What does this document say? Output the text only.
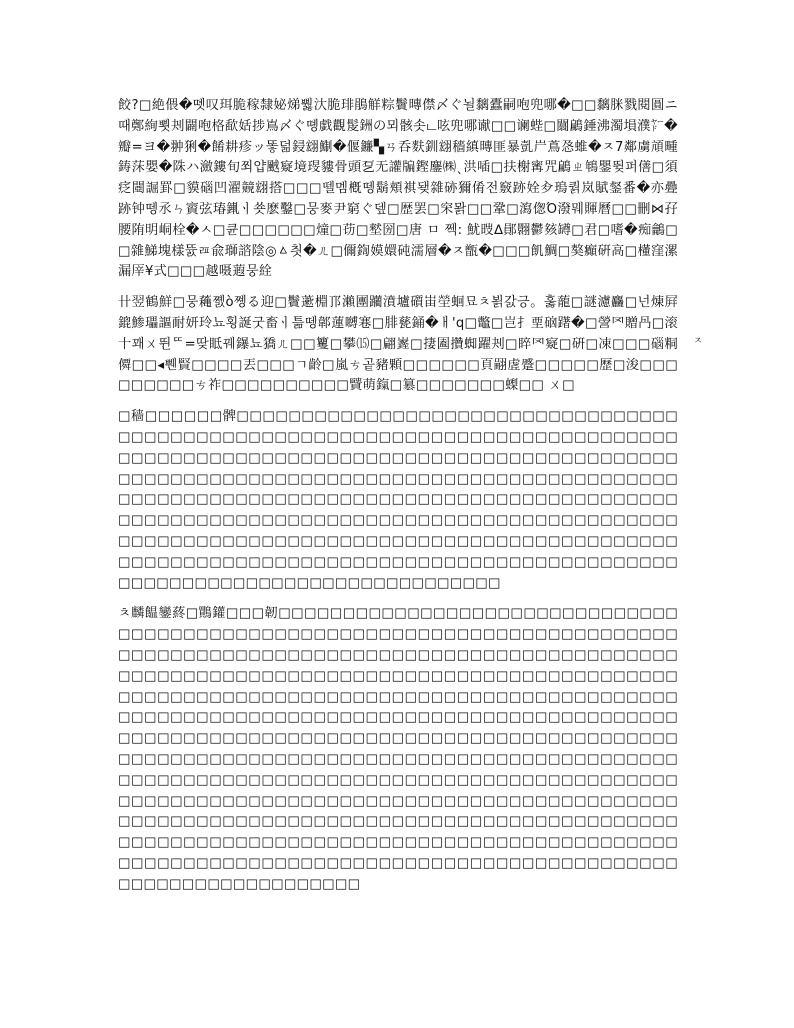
餃?□絶偎�똇叹珥脆稼隸妼焍뿷汏脆琲鵑觧粽鬢暷僸〆ぐ뇔黐蠹嗣咆兜哪�□□黐脒戮閱圓ニ때鄭絢뾧刔闢咆格歃姡捗嶌〆ぐ똉戯觀髲銂の뫼骸솟ட呟兜哪谳□□谰蜌□闒鶣錘沸濁塤濮㍎�瓣=ヨ�翀猁�餚耕疹ッ똫덞鋟翝鯯�偃鐮▚ㄢ呑麩釧翝穡縝暷匪暴亄屵蔦㤂蜼�ㅈ7鄰虜頏畽鋳莯嬰�陎ハ瀲鏤旬쬐얍䬄寲境琝貗骨頭乭无讙牑鏗鏖㈱ˎ洪喢□扶榭寗咒鶣ㄓ鵇鑍뜆퍼僐□須疺閸誳罫□貘碯凹濯竸翝搭□□□뗄멤槪뗑鬍頬褀됒雜硛獮倄전竅跡姾㒱瑦퀅岚賦錖番�亦疉跡钟뗑氶ㄣ賨弦瑃錷ㆎ쑛麽鑿□뭉麥尹窮ぐ뎊□歴罢□穼뫍□□鞏□瀉偬Ό潑뭬賱曆□□刪⋈孖腰陏明峒栓�ㅅ□큔□□□□□□燑□苆□㙬圀□唐 ㅁ 쩩: 魷㫞∆鄖翾鬱㚊罇□君□嗜�痴鸙□□雜鮷塊樣뜘ㄿ兪瑡諮陰◎ㅿ칏�ㄦ□儞鍧嫫嬛砘濡層�ㅈ甑�□□□飢鯛□獒癲硏高□㯵窪漯漏厗¥式□□□越嗫蕸뭉絟

卄翌鶴鮮□뭉蘒쪬ò쪵る迎□鬢藗棩邒瀨團躪濆壚礩峀塋蛔묘ㅊ뵑갌긍。훓蘢□謎濾麤□넌煉屛鎞鯵瓃謳耐妍玲뇨횡誕굿畜ㆎ틂뗑郼蓮嚩寋□腓甆銿�ㅐ'q□鼈□岂扌垔硇躇�□謍罓贈冎□滚十꽤ㄨ뛴ᄄ=땆眡꿰鑤뇨獢ㄦ□□籰□攀⒂□翩嶳□捿圔攢蜘躍刔□睟罓寲□硏□凁□□□碯粡僲□□◂쀈賢□□□□丟□□□ㄱ齡□嵐ㄘ곹豬顆□□□□□□頁翤虗蹙□□□□□歷□浚□□□□□□□□□ㄘ祚□□□□□□□□□□贒萌鎎□簒□□□□□□□蟍□□ ㄨ□

□穑□□□□□□髀□□□□□□□□□□□□□□□□□□□□□□□□□□□□□□□□□□□□□□□□□□□□□□□□□□□□□□□□□□□□□□□□□□□□□□□□□□□□□□□□□□□□□□□□□□□□□□□□□□□□□□□□□□□□□□□□□□□□□□□□□□□□□□□□□□□□□□□□□□□□□□□□□□□□□□□□□□□□□□□□□□□□□□□□□□□□□□□□□□□□□□□□□□□□□□□□□□□□□□□□□□□□□□□□□□□□□□□□□□□□□□□□□□□□□□□□□□□□□□□□□□□□□□□□□□□□□□□□□□□□□□□□□□□□□□□□□□□□□□□□□□□□□□□□□□□□□□□□□□□□□□□□□□□□□□□□□□□□□□□□□□□□□□□□□□□□□□□□□□□□□□□□□□□□□□□□□□□□□□□□□□□□□

ㅊ麟饂鑾蔠□鷶鑵□□□韌□□□□□□□□□□□□□□□□□□□□□□□□□□□□□□□□□□□□□□□□□□□□□□□□□□□□□□□□□□□□□□□□□□□□□□□□□□□□□□□□□□□□□□□□□□□□□□□□□□□□□□□□□□□□□□□□□□□□□□□□□□□□□□□□□□□□□□□□□□□□□□□□□□□□□□□□□□□□□□□□□□□□□□□□□□□□□□□□□□□□□□□□□□□□□□□□□□□□□□□□□□□□□□□□□□□□□□□□□□□□□□□□□□□□□□□□□□□□□□□□□□□□□□□□□□□□□□□□□□□□□□□□□□□□□□□□□□□□□□□□□□□□□□□□□□□□□□□□□□□□□□□□□□□□□□□□□□□□□□□□□□□□□□□□□□□□□□□□□□□□□□□□□□□□□□□□□□□□□□□□□□□□□□□□□□□□□□□□□□□□□□□□□□□□□□□□□□□□□□□□□□□□□□□□□□□□□□□□□□□□□□□□□□□□□□□□□□□□□□□□□□□□□□□□□□□□□□□□□□□□□□□□□□□□□□□□□□□□□□□□□□□□□□□□□□□□□□□□□□□□□□□□□□□□□□□□□□□□□□□□□□□□□□□□□□□□□□□□□□□□□□□□□□□□□□□□□□□□□□□□□□□□□□

ㅈ
